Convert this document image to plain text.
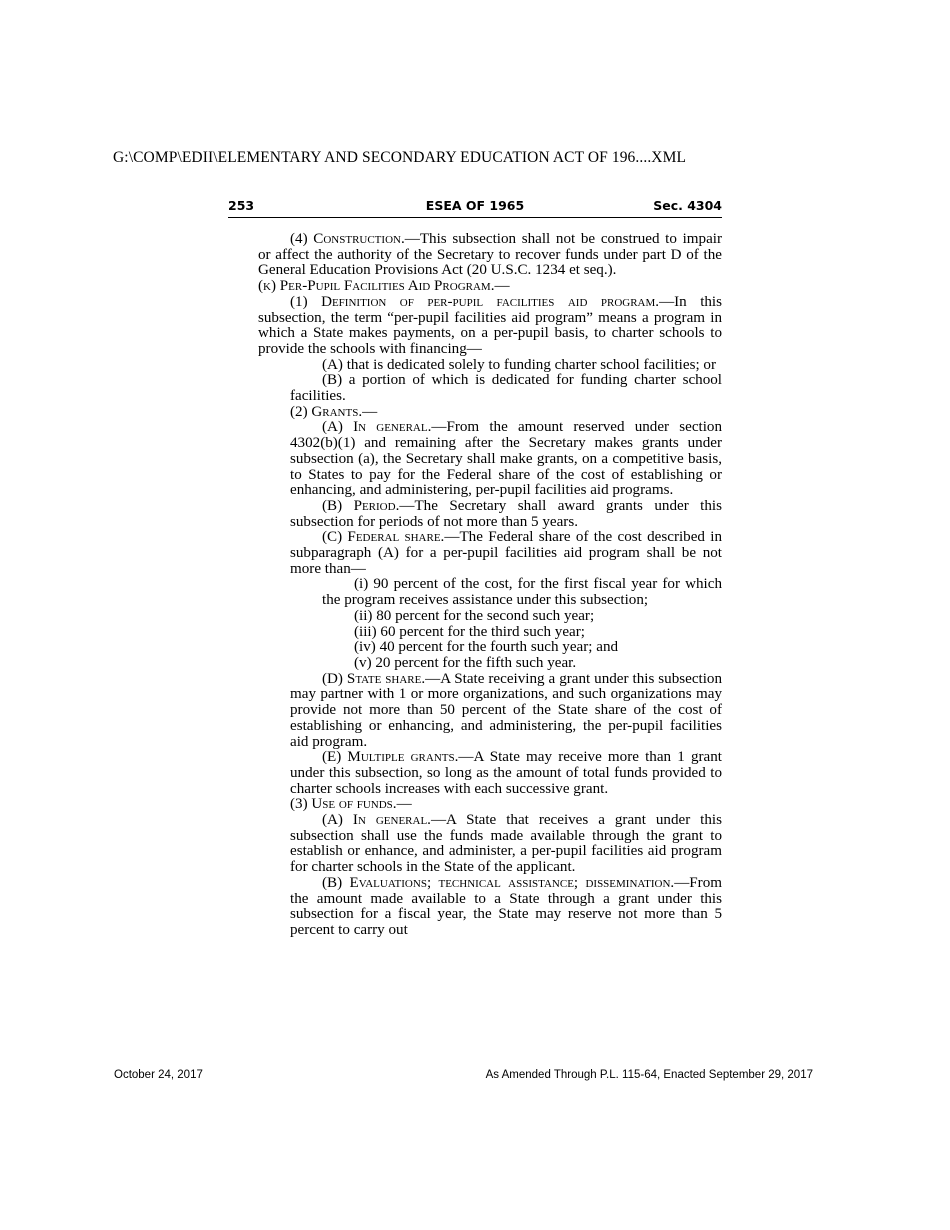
G:\COMP\EDII\ELEMENTARY AND SECONDARY EDUCATION ACT OF 196....XML
ESEA OF 1965
253	Sec. 4304
(4) Construction.—This subsection shall not be construed to impair or affect the authority of the Secretary to recover funds under part D of the General Education Provisions Act (20 U.S.C. 1234 et seq.).
(k) Per-Pupil Facilities Aid Program.—
(1) Definition of per-pupil facilities aid program.—In this subsection, the term “per-pupil facilities aid program” means a program in which a State makes payments, on a per-pupil basis, to charter schools to provide the schools with financing—
(A) that is dedicated solely to funding charter school facilities; or
(B) a portion of which is dedicated for funding charter school facilities.
(2) Grants.—
(A) In general.—From the amount reserved under section 4302(b)(1) and remaining after the Secretary makes grants under subsection (a), the Secretary shall make grants, on a competitive basis, to States to pay for the Federal share of the cost of establishing or enhancing, and administering, per-pupil facilities aid programs.
(B) Period.—The Secretary shall award grants under this subsection for periods of not more than 5 years.
(C) Federal share.—The Federal share of the cost described in subparagraph (A) for a per-pupil facilities aid program shall be not more than—
(i) 90 percent of the cost, for the first fiscal year for which the program receives assistance under this subsection;
(ii) 80 percent for the second such year;
(iii) 60 percent for the third such year;
(iv) 40 percent for the fourth such year; and
(v) 20 percent for the fifth such year.
(D) State share.—A State receiving a grant under this subsection may partner with 1 or more organizations, and such organizations may provide not more than 50 percent of the State share of the cost of establishing or enhancing, and administering, the per-pupil facilities aid program.
(E) Multiple grants.—A State may receive more than 1 grant under this subsection, so long as the amount of total funds provided to charter schools increases with each successive grant.
(3) Use of funds.—
(A) In general.—A State that receives a grant under this subsection shall use the funds made available through the grant to establish or enhance, and administer, a per-pupil facilities aid program for charter schools in the State of the applicant.
(B) Evaluations; technical assistance; dissemination.—From the amount made available to a State through a grant under this subsection for a fiscal year, the State may reserve not more than 5 percent to carry out
October 24, 2017	As Amended Through P.L. 115-64, Enacted September 29, 2017
